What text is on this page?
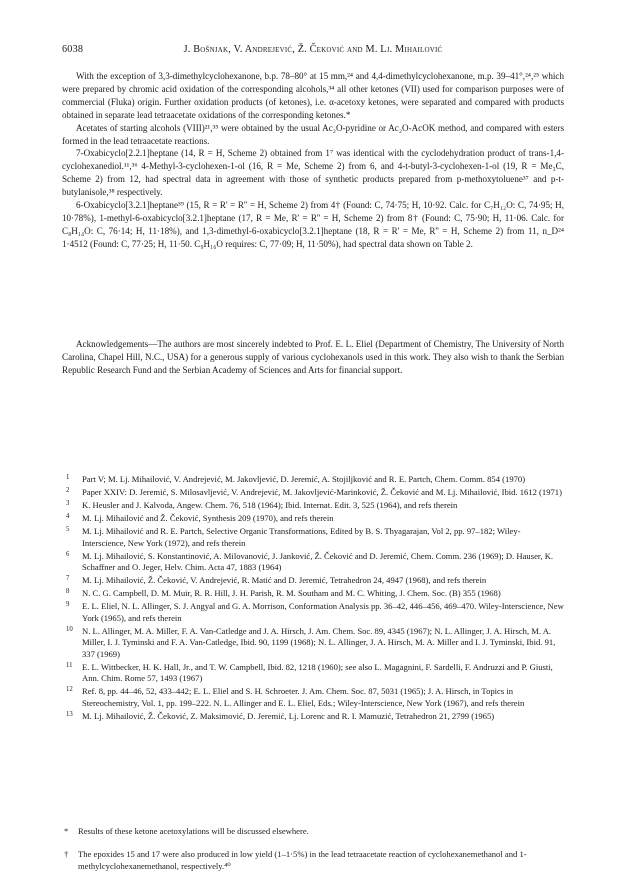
6038	J. Bošnjak, V. Andrejević, Ž. Čeković and M. Lj. Mihailović

With the exception of 3,3-dimethylcyclohexanone, b.p. 78–80° at 15 mm,²⁴ and 4,4-dimethylcyclohexanone, m.p. 39–41°,²⁴,²⁵ which were prepared by chromic acid oxidation of the corresponding alcohols,³⁴ all other ketones (VII) used for comparison purposes were of commercial (Fluka) origin. Further oxidation products (of ketones), i.e. α-acetoxy ketones, were separated and compared with products obtained in separate lead tetraacetate oxidations of the corresponding ketones.*

Acetates of starting alcohols (VIII)²¹,³⁵ were obtained by the usual Ac₂O-pyridine or Ac₂O-AcOK method, and compared with esters formed in the lead tetraacetate reactions.

7-Oxabicyclo[2.2.1]heptane (14, R = H, Scheme 2) obtained from 1⁷ was identical with the cyclodehydration product of trans-1,4-cyclohexanediol.¹¹,³⁶ 4-Methyl-3-cyclohexen-1-ol (16, R = Me, Scheme 2) from 6, and 4-t-butyl-3-cyclohexen-1-ol (19, R = Me₃C, Scheme 2) from 12, had spectral data in agreement with those of synthetic products prepared from p-methoxytoluene³⁷ and p-t-butylanisole,³⁸ respectively.

6-Oxabicyclo[3.2.1]heptane³⁹ (15, R = R' = R'' = H, Scheme 2) from 4† (Found: C, 74·75; H, 10·92. Calc. for C₇H₁₂O: C, 74·95; H, 10·78%), 1-methyl-6-oxabicyclo[3.2.1]heptane (17, R = Me, R' = R'' = H, Scheme 2) from 8† (Found: C, 75·90; H, 11·06. Calc. for C₈H₁₄O: C, 76·14; H, 11·18%), and 1,3-dimethyl-6-oxabicyclo[3.2.1]heptane (18, R = R' = Me, R'' = H, Scheme 2) from 11, n_D²⁴ 1·4512 (Found: C, 77·25; H, 11·50. C₉H₁₆O requires: C, 77·09; H, 11·50%), had spectral data shown on Table 2.

Acknowledgements—The authors are most sincerely indebted to Prof. E. L. Eliel (Department of Chemistry, The University of North Carolina, Chapel Hill, N.C., USA) for a generous supply of various cyclohexanols used in this work. They also wish to thank the Serbian Republic Research Fund and the Serbian Academy of Sciences and Arts for financial support.

1 Part V; M. Lj. Mihailović, V. Andrejević, M. Jakovljević, D. Jeremić, A. Stojiljković and R. E. Partch, Chem. Comm. 854 (1970)
2 Paper XXIV: D. Jeremić, S. Milosavljević, V. Andrejević, M. Jakovljević-Marinković, Ž. Čeković and M. Lj. Mihailović, Ibid. 1612 (1971)
3 K. Heusler and J. Kalvoda, Angew. Chem. 76, 518 (1964); Ibid. Internat. Edit. 3, 525 (1964), and refs therein
4 M. Lj. Mihailović and Ž. Čeković, Synthesis 209 (1970), and refs therein
5 M. Lj. Mihailović and R. E. Partch, Selective Organic Transformations, Edited by B. S. Thyagarajan, Vol 2, pp. 97–182; Wiley-Interscience, New York (1972), and refs therein
6 M. Lj. Mihailović, S. Konstantinović, A. Milovanović, J. Janković, Ž. Čeković and D. Jeremić, Chem. Comm. 236 (1969); D. Hauser, K. Schaffner and O. Jeger, Helv. Chim. Acta 47, 1883 (1964)
7 M. Lj. Mihailović, Ž. Čeković, V. Andrejević, R. Matić and D. Jeremić, Tetrahedron 24, 4947 (1968), and refs therein
8 N. C. G. Campbell, D. M. Muir, R. R. Hill, J. H. Parish, R. M. Southam and M. C. Whiting, J. Chem. Soc. (B) 355 (1968)
9 E. L. Eliel, N. L. Allinger, S. J. Angyal and G. A. Morrison, Conformation Analysis pp. 36–42, 446–456, 469–470. Wiley-Interscience, New York (1965), and refs therein
10 N. L. Allinger, M. A. Miller, F. A. Van-Catledge and J. A. Hirsch, J. Am. Chem. Soc. 89, 4345 (1967); N. L. Allinger, J. A. Hirsch, M. A. Miller, I. J. Tyminski and F. A. Van-Catledge, Ibid. 90, 1199 (1968); N. L. Allinger, J. A. Hirsch, M. A. Miller and I. J. Tyminski, Ibid. 91, 337 (1969)
11 E. L. Wittbecker, H. K. Hall, Jr., and T. W. Campbell, Ibid. 82, 1218 (1960); see also L. Magagnini, F. Sardelli, F. Andruzzi and P. Giusti, Ann. Chim. Rome 57, 1493 (1967)
12 Ref. 8, pp. 44–46, 52, 433–442; E. L. Eliel and S. H. Schroeter. J. Am. Chem. Soc. 87, 5031 (1965); J. A. Hirsch, in Topics in Stereochemistry, Vol. 1, pp. 199–222. N. L. Allinger and E. L. Eliel, Eds.; Wiley-Interscience, New York (1967), and refs therein
13 M. Lj. Mihailović, Ž. Čeković, Z. Maksimović, D. Jeremić, Lj. Lorenc and R. I. Mamuzić, Tetrahedron 21, 2799 (1965)
* Results of these ketone acetoxylations will be discussed elsewhere.
† The epoxides 15 and 17 were also produced in low yield (1–1·5%) in the lead tetraacetate reaction of cyclohexanemethanol and 1-methylcyclohexanemethanol, respectively.⁴⁰
